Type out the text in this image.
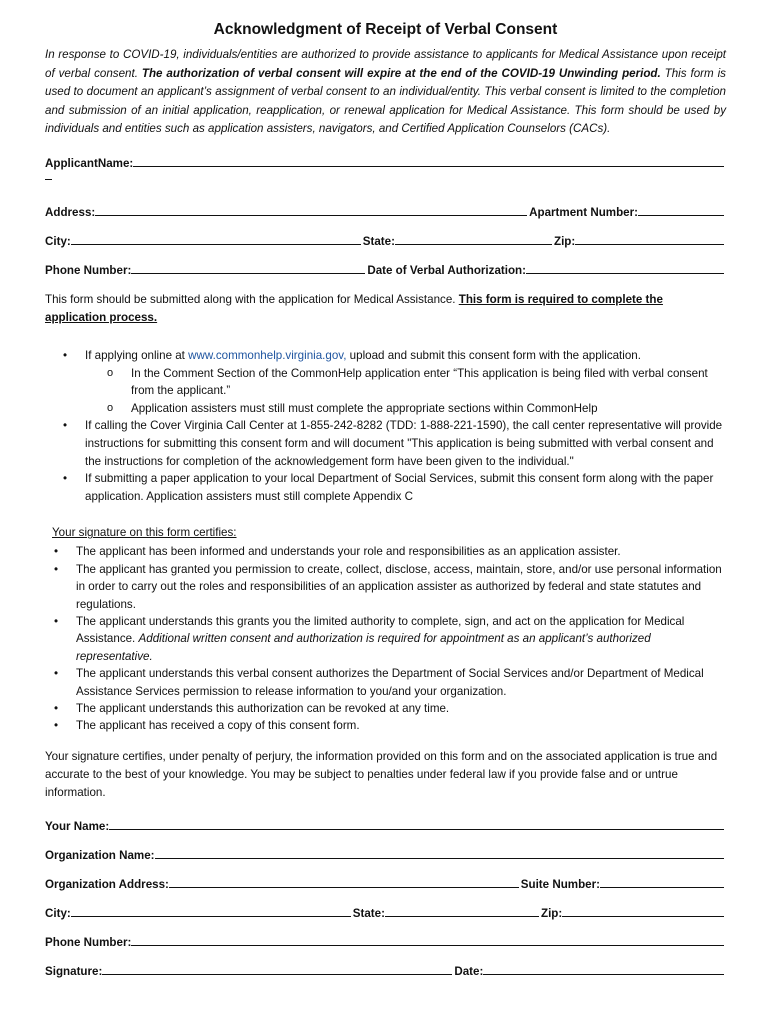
Acknowledgment of Receipt of Verbal Consent

In response to COVID-19, individuals/entities are authorized to provide assistance to applicants for Medical Assistance upon receipt of verbal consent. The authorization of verbal consent will expire at the end of the COVID-19 Unwinding period. This form is used to document an applicant’s assignment of verbal consent to an individual/entity. This verbal consent is limited to the completion and submission of an initial application, reapplication, or renewal application for Medical Assistance. This form should be used by individuals and entities such as application assisters, navigators, and Certified Application Counselors (CACs).

ApplicantName:
Address:	Apartment Number:
City:	State:	Zip:
Phone Number:	Date of Verbal Authorization:

This form should be submitted along with the application for Medical Assistance. This form is required to complete the application process.

• If applying online at www.commonhelp.virginia.gov, upload and submit this consent form with the application.
o In the Comment Section of the CommonHelp application enter “This application is being filed with verbal consent from the applicant.”
o Application assisters must still must complete the appropriate sections within CommonHelp
• If calling the Cover Virginia Call Center at 1-855-242-8282 (TDD: 1-888-221-1590), the call center representative will provide instructions for submitting this consent form and will document "This application is being submitted with verbal consent and the instructions for completion of the acknowledgement form have been given to the individual."
• If submitting a paper application to your local Department of Social Services, submit this consent form along with the paper application. Application assisters must still complete Appendix C

Your signature on this form certifies:

• The applicant has been informed and understands your role and responsibilities as an application assister.
• The applicant has granted you permission to create, collect, disclose, access, maintain, store, and/or use personal information in order to carry out the roles and responsibilities of an application assister as authorized by federal and state statutes and regulations.
• The applicant understands this grants you the limited authority to complete, sign, and act on the application for Medical Assistance. Additional written consent and authorization is required for appointment as an applicant’s authorized representative.
• The applicant understands this verbal consent authorizes the Department of Social Services and/or Department of Medical Assistance Services permission to release information to you/and your organization.
• The applicant understands this authorization can be revoked at any time.
• The applicant has received a copy of this consent form.

Your signature certifies, under penalty of perjury, the information provided on this form and on the associated application is true and accurate to the best of your knowledge. You may be subject to penalties under federal law if you provide false and or untrue information.

Your Name:
Organization Name:
Organization Address:	Suite Number:
City:	State:	Zip:
Phone Number:
Signature:	Date:
